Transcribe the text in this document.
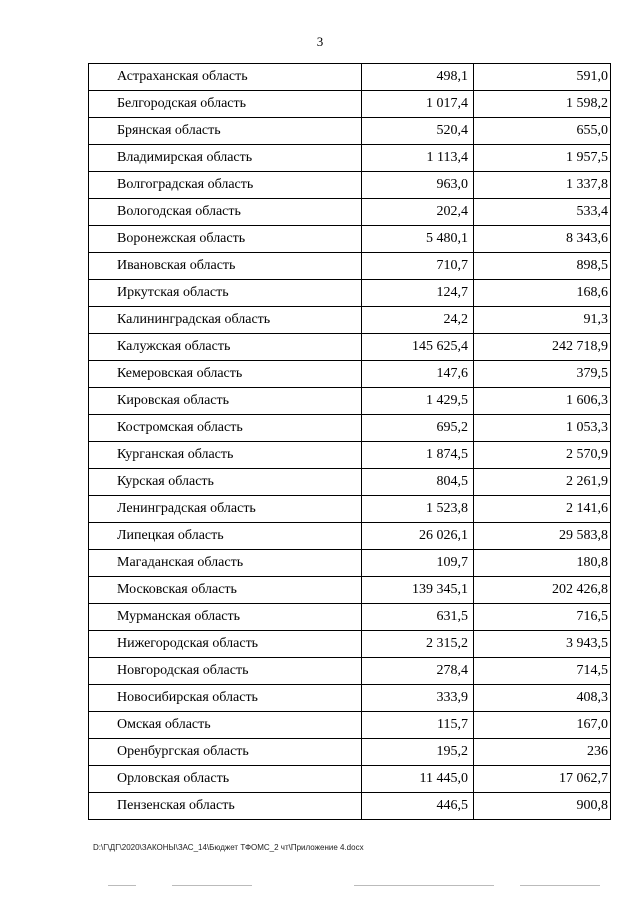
3
Астраханская область	498,1	591,0
Белгородская область	1 017,4	1 598,2
Брянская область	520,4	655,0
Владимирская область	1 113,4	1 957,5
Волгоградская область	963,0	1 337,8
Вологодская область	202,4	533,4
Воронежская область	5 480,1	8 343,6
Ивановская область	710,7	898,5
Иркутская область	124,7	168,6
Калининградская область	24,2	91,3
Калужская область	145 625,4	242 718,9
Кемеровская область	147,6	379,5
Кировская область	1 429,5	1 606,3
Костромская область	695,2	1 053,3
Курганская область	1 874,5	2 570,9
Курская область	804,5	2 261,9
Ленинградская область	1 523,8	2 141,6
Липецкая область	26 026,1	29 583,8
Магаданская область	109,7	180,8
Московская область	139 345,1	202 426,8
Мурманская область	631,5	716,5
Нижегородская область	2 315,2	3 943,5
Новгородская область	278,4	714,5
Новосибирская область	333,9	408,3
Омская область	115,7	167,0
Оренбургская область	195,2	236
Орловская область	11 445,0	17 062,7
Пензенская область	446,5	900,8
D:\Г\ДГ\2020\ЗАКОНЫ\ЗАС_14\Бюджет ТФОМС_2 чт\Приложение 4.docx
